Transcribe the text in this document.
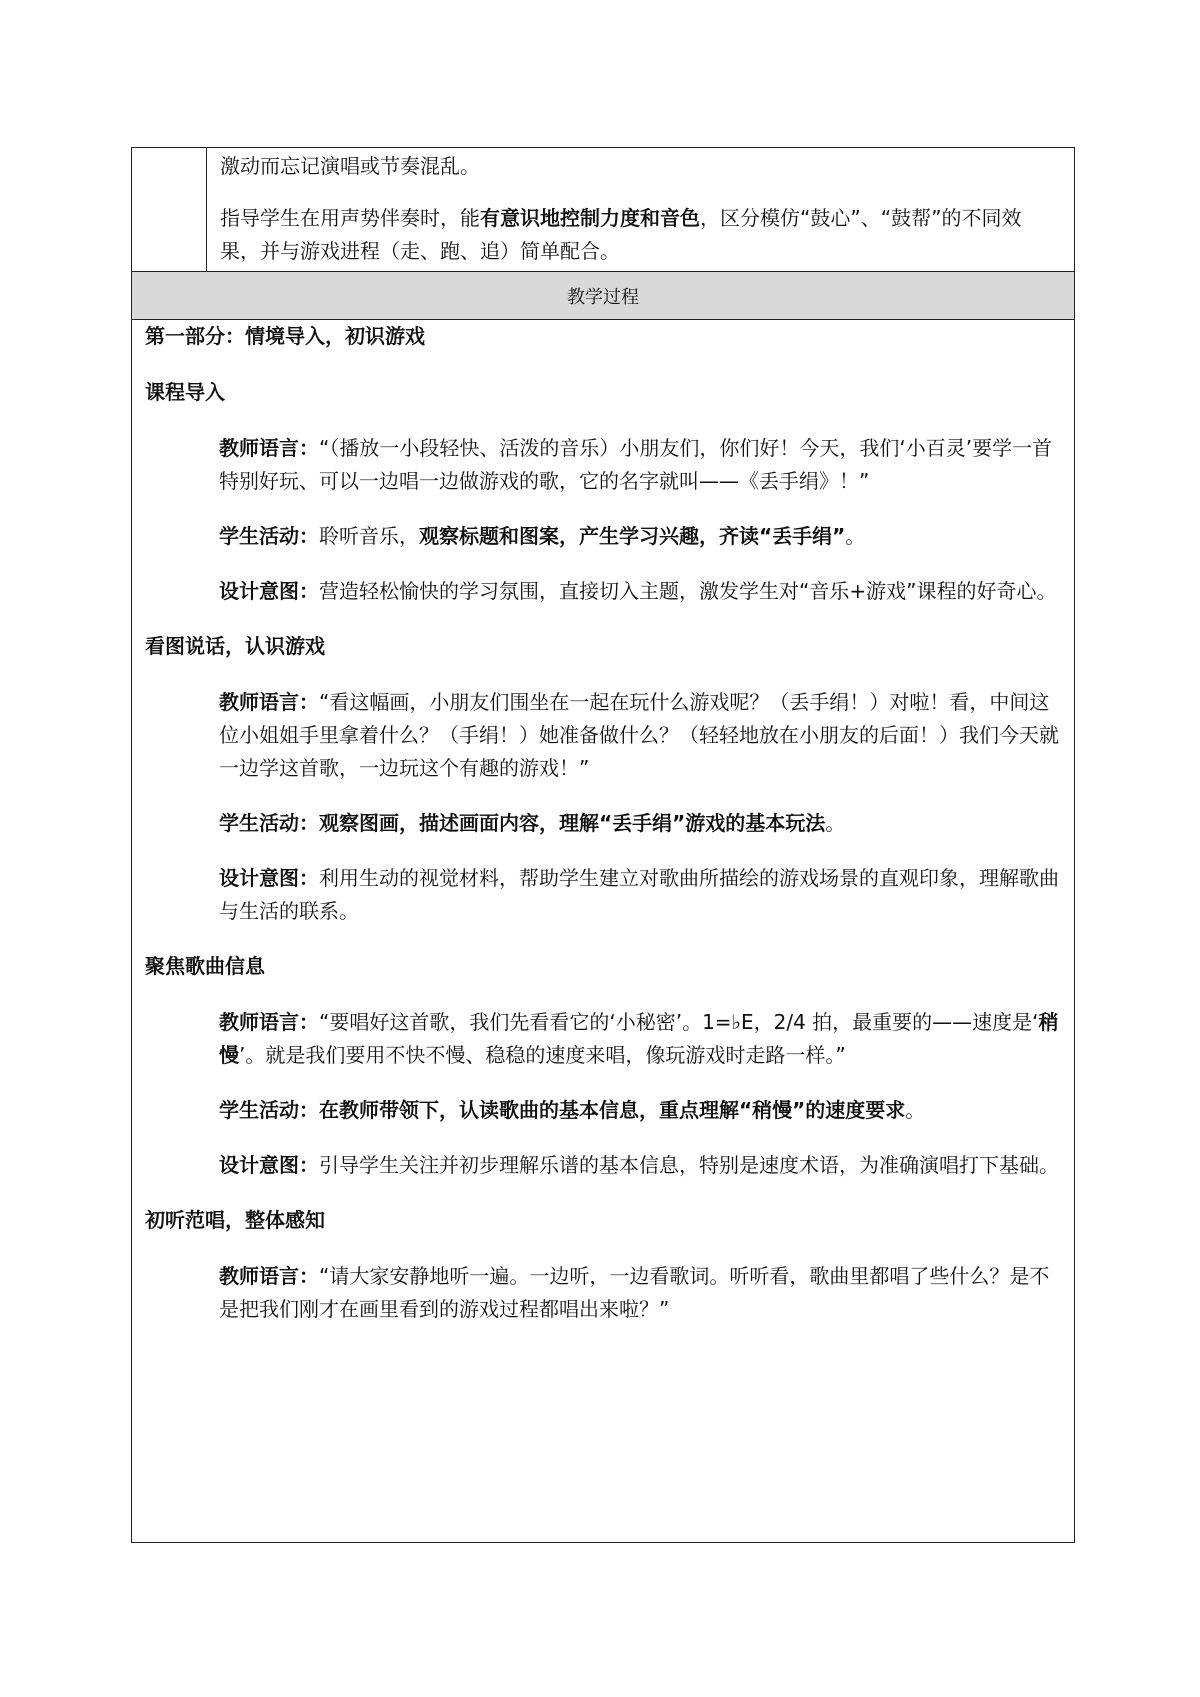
激动而忘记演唱或节奏混乱。

指导学生在用声势伴奏时，能有意识地控制力度和音色，区分模仿“鼓心”、“鼓帮”的不同效果，并与游戏进程（走、跑、追）简单配合。

教学过程

第一部分：情境导入，初识游戏

课程导入

教师语言：“（播放一小段轻快、活泼的音乐）小朋友们，你们好！今天，我们‘小百灵’要学一首特别好玩、可以一边唱一边做游戏的歌，它的名字就叫——《丢手绢》！”

学生活动：聆听音乐，观察标题和图案，产生学习兴趣，齐读“丢手绢”。

设计意图：营造轻松愉快的学习氛围，直接切入主题，激发学生对“音乐+游戏”课程的好奇心。

看图说话，认识游戏

教师语言：“看这幅画，小朋友们围坐在一起在玩什么游戏呢？（丢手绢！）对啦！看，中间这位小姐姐手里拿着什么？（手绢！）她准备做什么？（轻轻地放在小朋友的后面！）我们今天就一边学这首歌，一边玩这个有趣的游戏！”

学生活动：观察图画，描述画面内容，理解“丢手绢”游戏的基本玩法。

设计意图：利用生动的视觉材料，帮助学生建立对歌曲所描绘的游戏场景的直观印象，理解歌曲与生活的联系。

聚焦歌曲信息

教师语言：“要唱好这首歌，我们先看看它的‘小秘密’。1=♭E，2/4 拍，最重要的——速度是‘稍慢’。就是我们要用不快不慢、稳稳的速度来唱，像玩游戏时走路一样。”

学生活动：在教师带领下，认读歌曲的基本信息，重点理解“稍慢”的速度要求。

设计意图：引导学生关注并初步理解乐谱的基本信息，特别是速度术语，为准确演唱打下基础。

初听范唱，整体感知

教师语言：“请大家安静地听一遍。一边听，一边看歌词。听听看，歌曲里都唱了些什么？是不是把我们刚才在画里看到的游戏过程都唱出来啦？”
